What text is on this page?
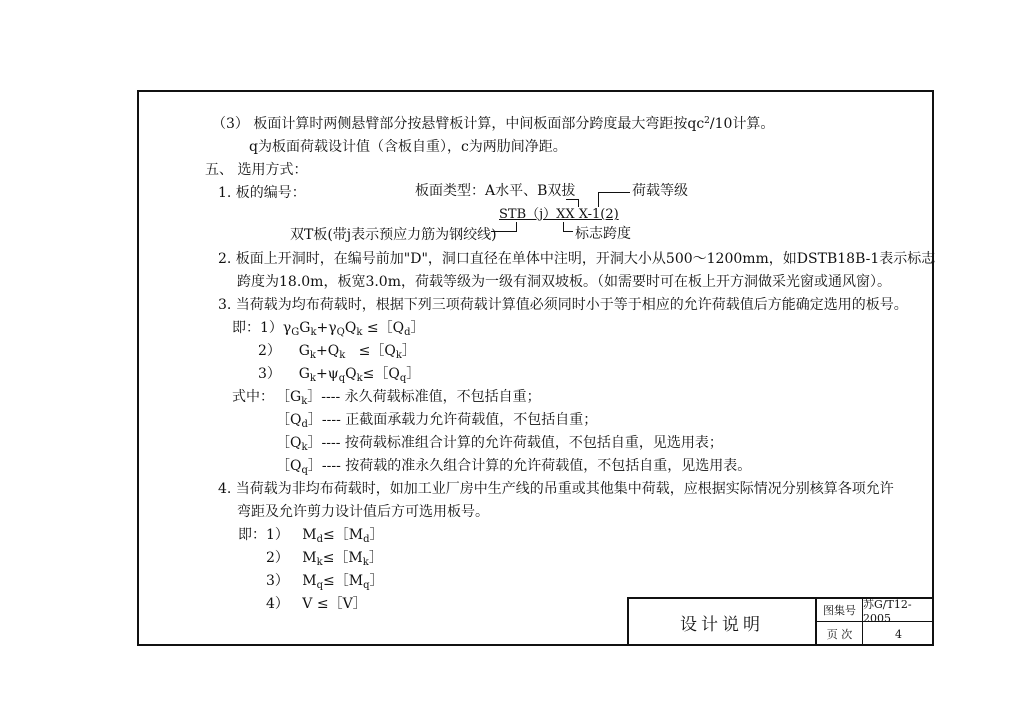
（3） 板面计算时两侧悬臂部分按悬臂板计算，中间板面部分跨度最大弯距按$qc^2/10$计算。
q为板面荷载设计值（含板自重），c为两肋间净距。
五、 选用方式：
1. 板的编号：	板面类型：A水平、B双拔	荷载等级
STB（j）XX X-1(2)
双T板(带j表示预应力筋为钢绞线)	标志跨度
2. 板面上开洞时，在编号前加"D"，洞口直径在单体中注明，开洞大小从500～1200mm，如DSTB18B-1表示标志
跨度为18.0m，板宽3.0m，荷载等级为一级有洞双坡板。（如需要时可在板上开方洞做采光窗或通风窗）。
3. 当荷载为均布荷载时，根据下列三项荷载计算值必须同时小于等于相应的允许荷载值后方能确定选用的板号。
即：$1)\gamma_GG_k+\gamma_QQ_k$ $\le[Q_d]$
2） $G_k+Q_k$ $\le[Q_k]$
3） $G_k+\psi_qQ_k\le[Q_q]$
式中： $[G_k]----$ 永久荷载标准值，不包括自重；
$[Q_d]----$ 正截面承载力允许荷载值，不包括自重；
$[Q_k]----$ 按荷载标准组合计算的允许荷载值，不包括自重，见选用表；
$[Q_q]----$ 按荷载的准永久组合计算的允许荷载值，不包括自重，见选用表。
4. 当荷载为非均布荷载时，如加工业厂房中生产线的吊重或其他集中荷载，应根据实际情况分别核算各项允许
弯距及允许剪力设计值后方可选用板号。
即：1） $M_d\le[M_d]$
2） $M_k\le[M_k]$
3） $M_q\le[M_q]$
4） V ≤［V］
设计说明
图集号 苏G/T12-2005
页 次	4
